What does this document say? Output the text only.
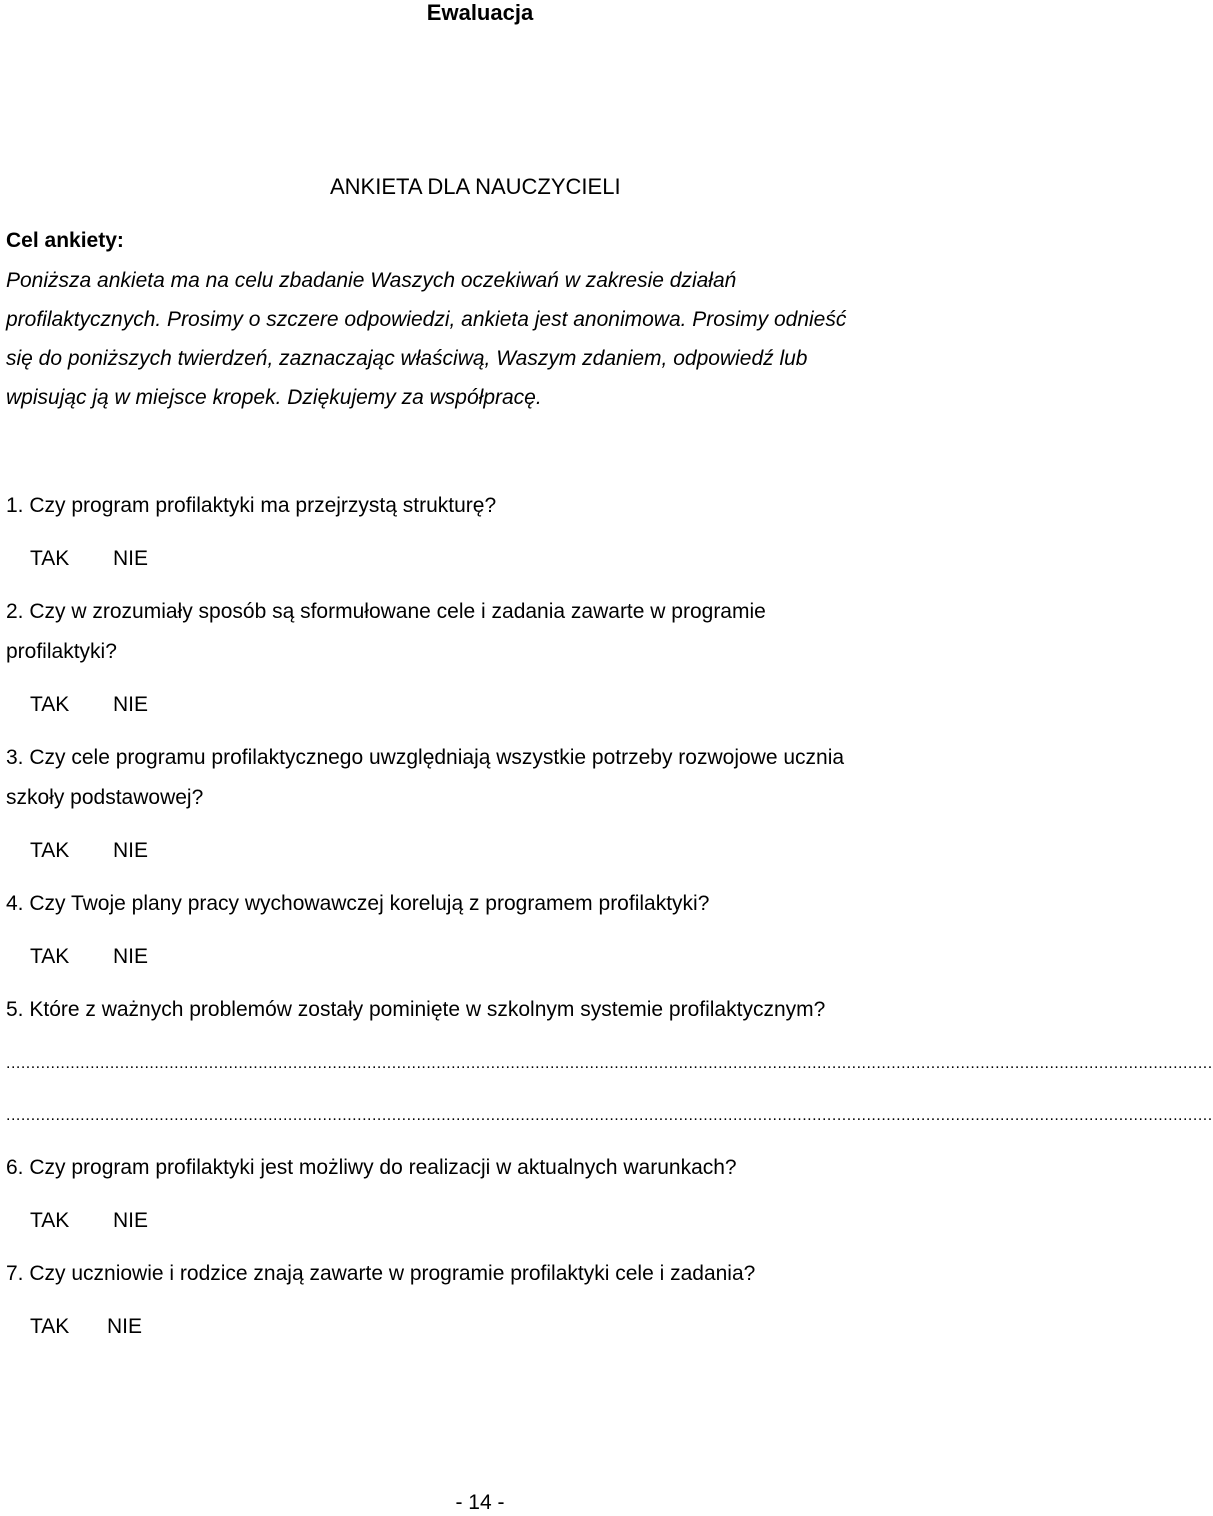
Ewaluacja
ANKIETA DLA NAUCZYCIELI
Cel ankiety:
Poniższa ankieta ma na celu zbadanie Waszych oczekiwań w zakresie działań
profilaktycznych. Prosimy o szczere odpowiedzi, ankieta jest anonimowa. Prosimy odnieść
się do poniższych twierdzeń, zaznaczając właściwą, Waszym zdaniem, odpowiedź lub
wpisując ją w miejsce kropek. Dziękujemy za współpracę.
1. Czy program profilaktyki ma przejrzystą strukturę?
TAK NIE
2. Czy w zrozumiały sposób są sformułowane cele i zadania zawarte w programie
profilaktyki?
TAK NIE
3. Czy cele programu profilaktycznego uwzględniają wszystkie potrzeby rozwojowe ucznia
szkoły podstawowej?
TAK NIE
4. Czy Twoje plany pracy wychowawczej korelują z programem profilaktyki?
TAK NIE
5. Które z ważnych problemów zostały pominięte w szkolnym systemie profilaktycznym?
....................................................................................................................................................................................................................................................
....................................................................................................................................................................................................................................................
6. Czy program profilaktyki jest możliwy do realizacji w aktualnych warunkach?
TAK NIE
7. Czy uczniowie i rodzice znają zawarte w programie profilaktyki cele i zadania?
TAK NIE
- 14 -
